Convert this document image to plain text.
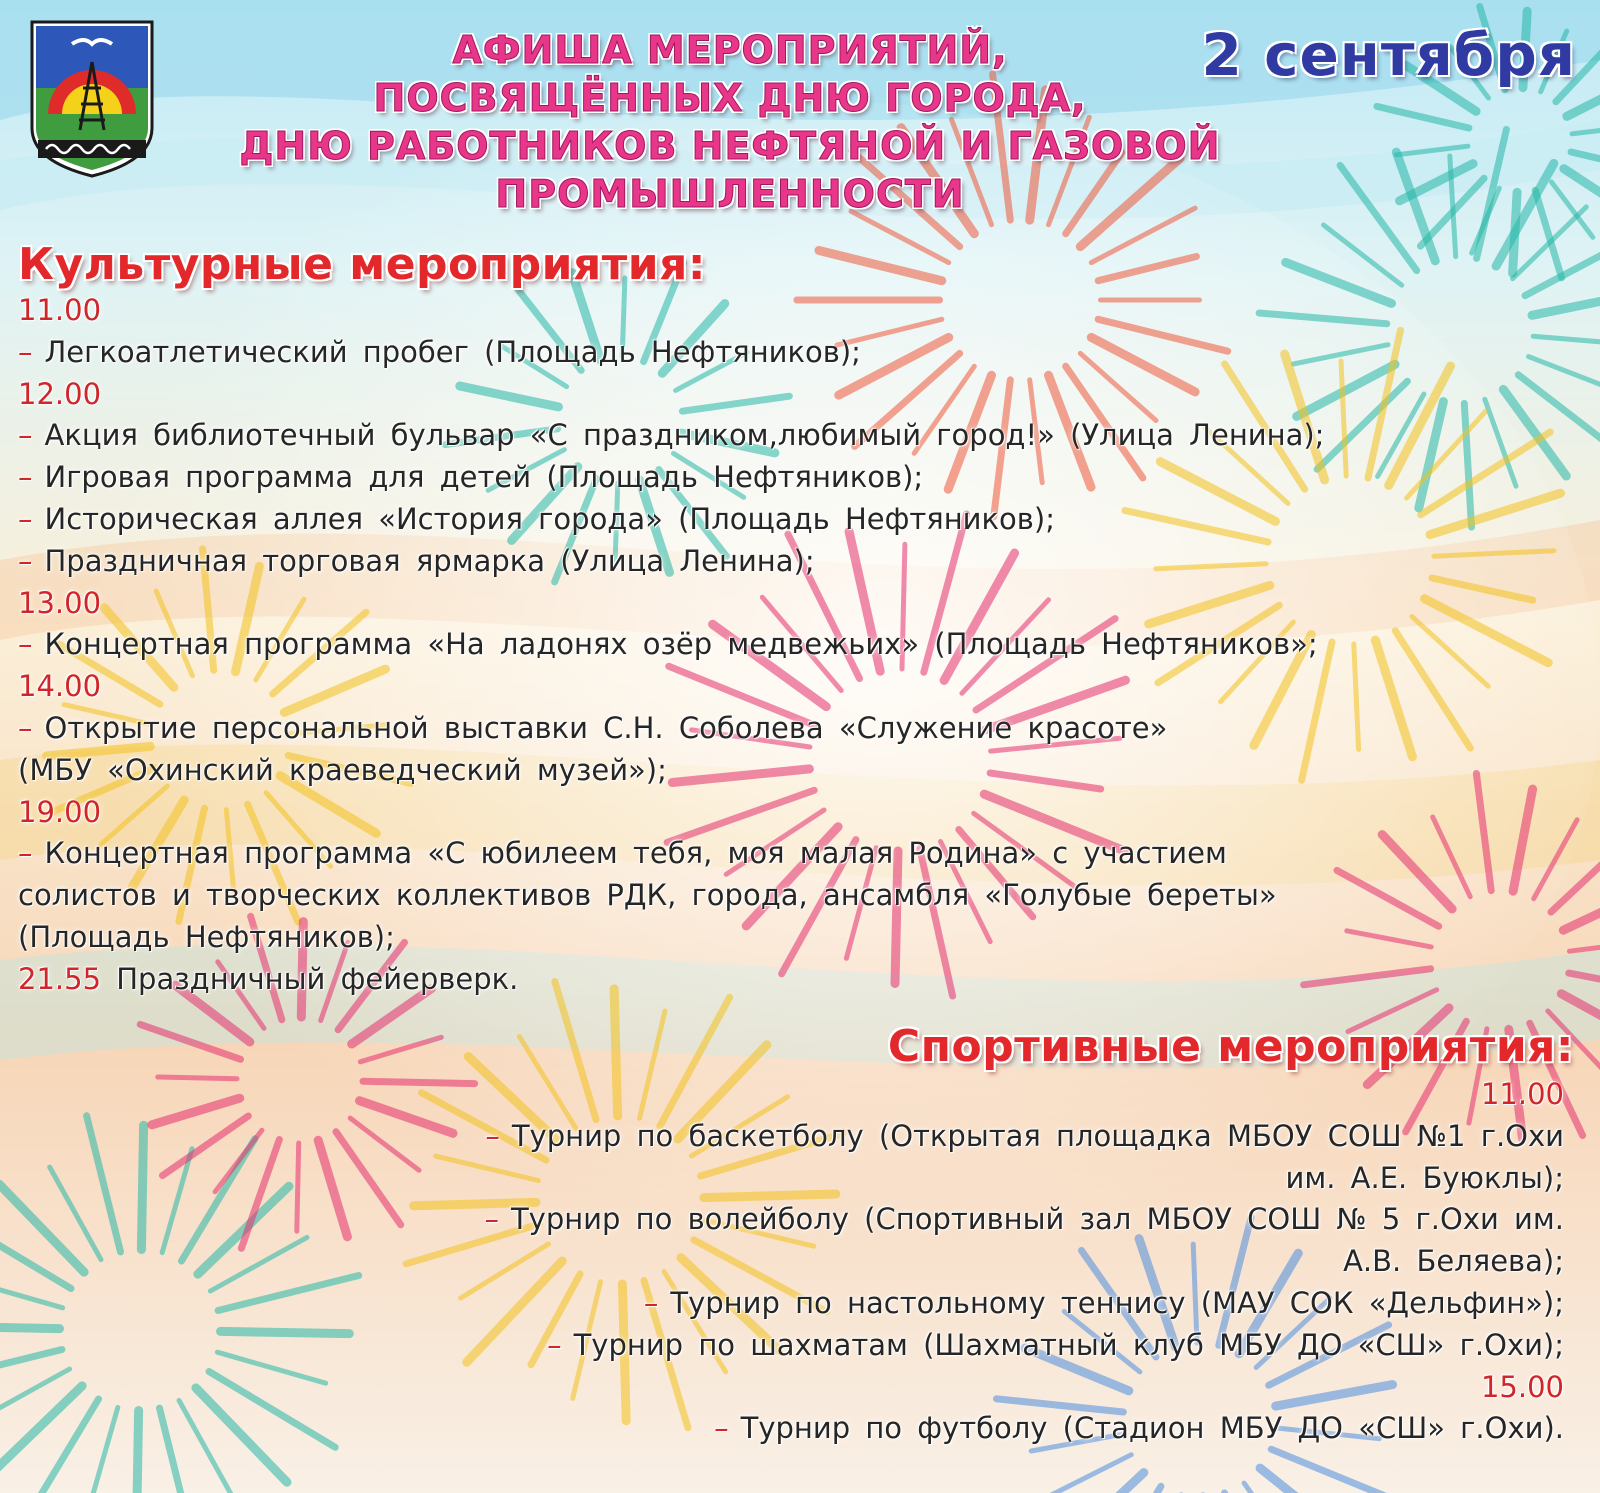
АФИША МЕРОПРИЯТИЙ,
ПОСВЯЩЁННЫХ ДНЮ ГОРОДА,
ДНЮ РАБОТНИКОВ НЕФТЯНОЙ И ГАЗОВОЙ ПРОМЫШЛЕННОСТИ
2 сентября
Культурные мероприятия:
11.00
– Легкоатлетический пробег (Площадь Нефтяников);
12.00
– Акция библиотечный бульвар «С праздником,любимый город!» (Улица Ленина);
– Игровая программа для детей (Площадь Нефтяников);
– Историческая аллея «История города» (Площадь Нефтяников);
– Праздничная торговая ярмарка (Улица Ленина);
13.00
– Концертная программа «На ладонях озёр медвежьих» (Площадь Нефтяников»;
14.00
– Открытие персональной выставки С.Н. Соболева «Служение красоте»
(МБУ «Охинский краеведческий музей»);
19.00
– Концертная программа «С юбилеем тебя, моя малая Родина» с участием
солистов и творческих коллективов РДК, города, ансамбля «Голубые береты»
(Площадь Нефтяников);
21.55 Праздничный фейерверк.
Спортивные мероприятия:
11.00
– Турнир по баскетболу (Открытая площадка МБОУ СОШ №1 г.Охи
им. А.Е. Буюклы);
– Турнир по волейболу (Спортивный зал МБОУ СОШ № 5 г.Охи им.
А.В. Беляева);
– Турнир по настольному теннису (МАУ СОК «Дельфин»);
– Турнир по шахматам (Шахматный клуб МБУ ДО «СШ» г.Охи);
15.00
– Турнир по футболу (Стадион МБУ ДО «СШ» г.Охи).
